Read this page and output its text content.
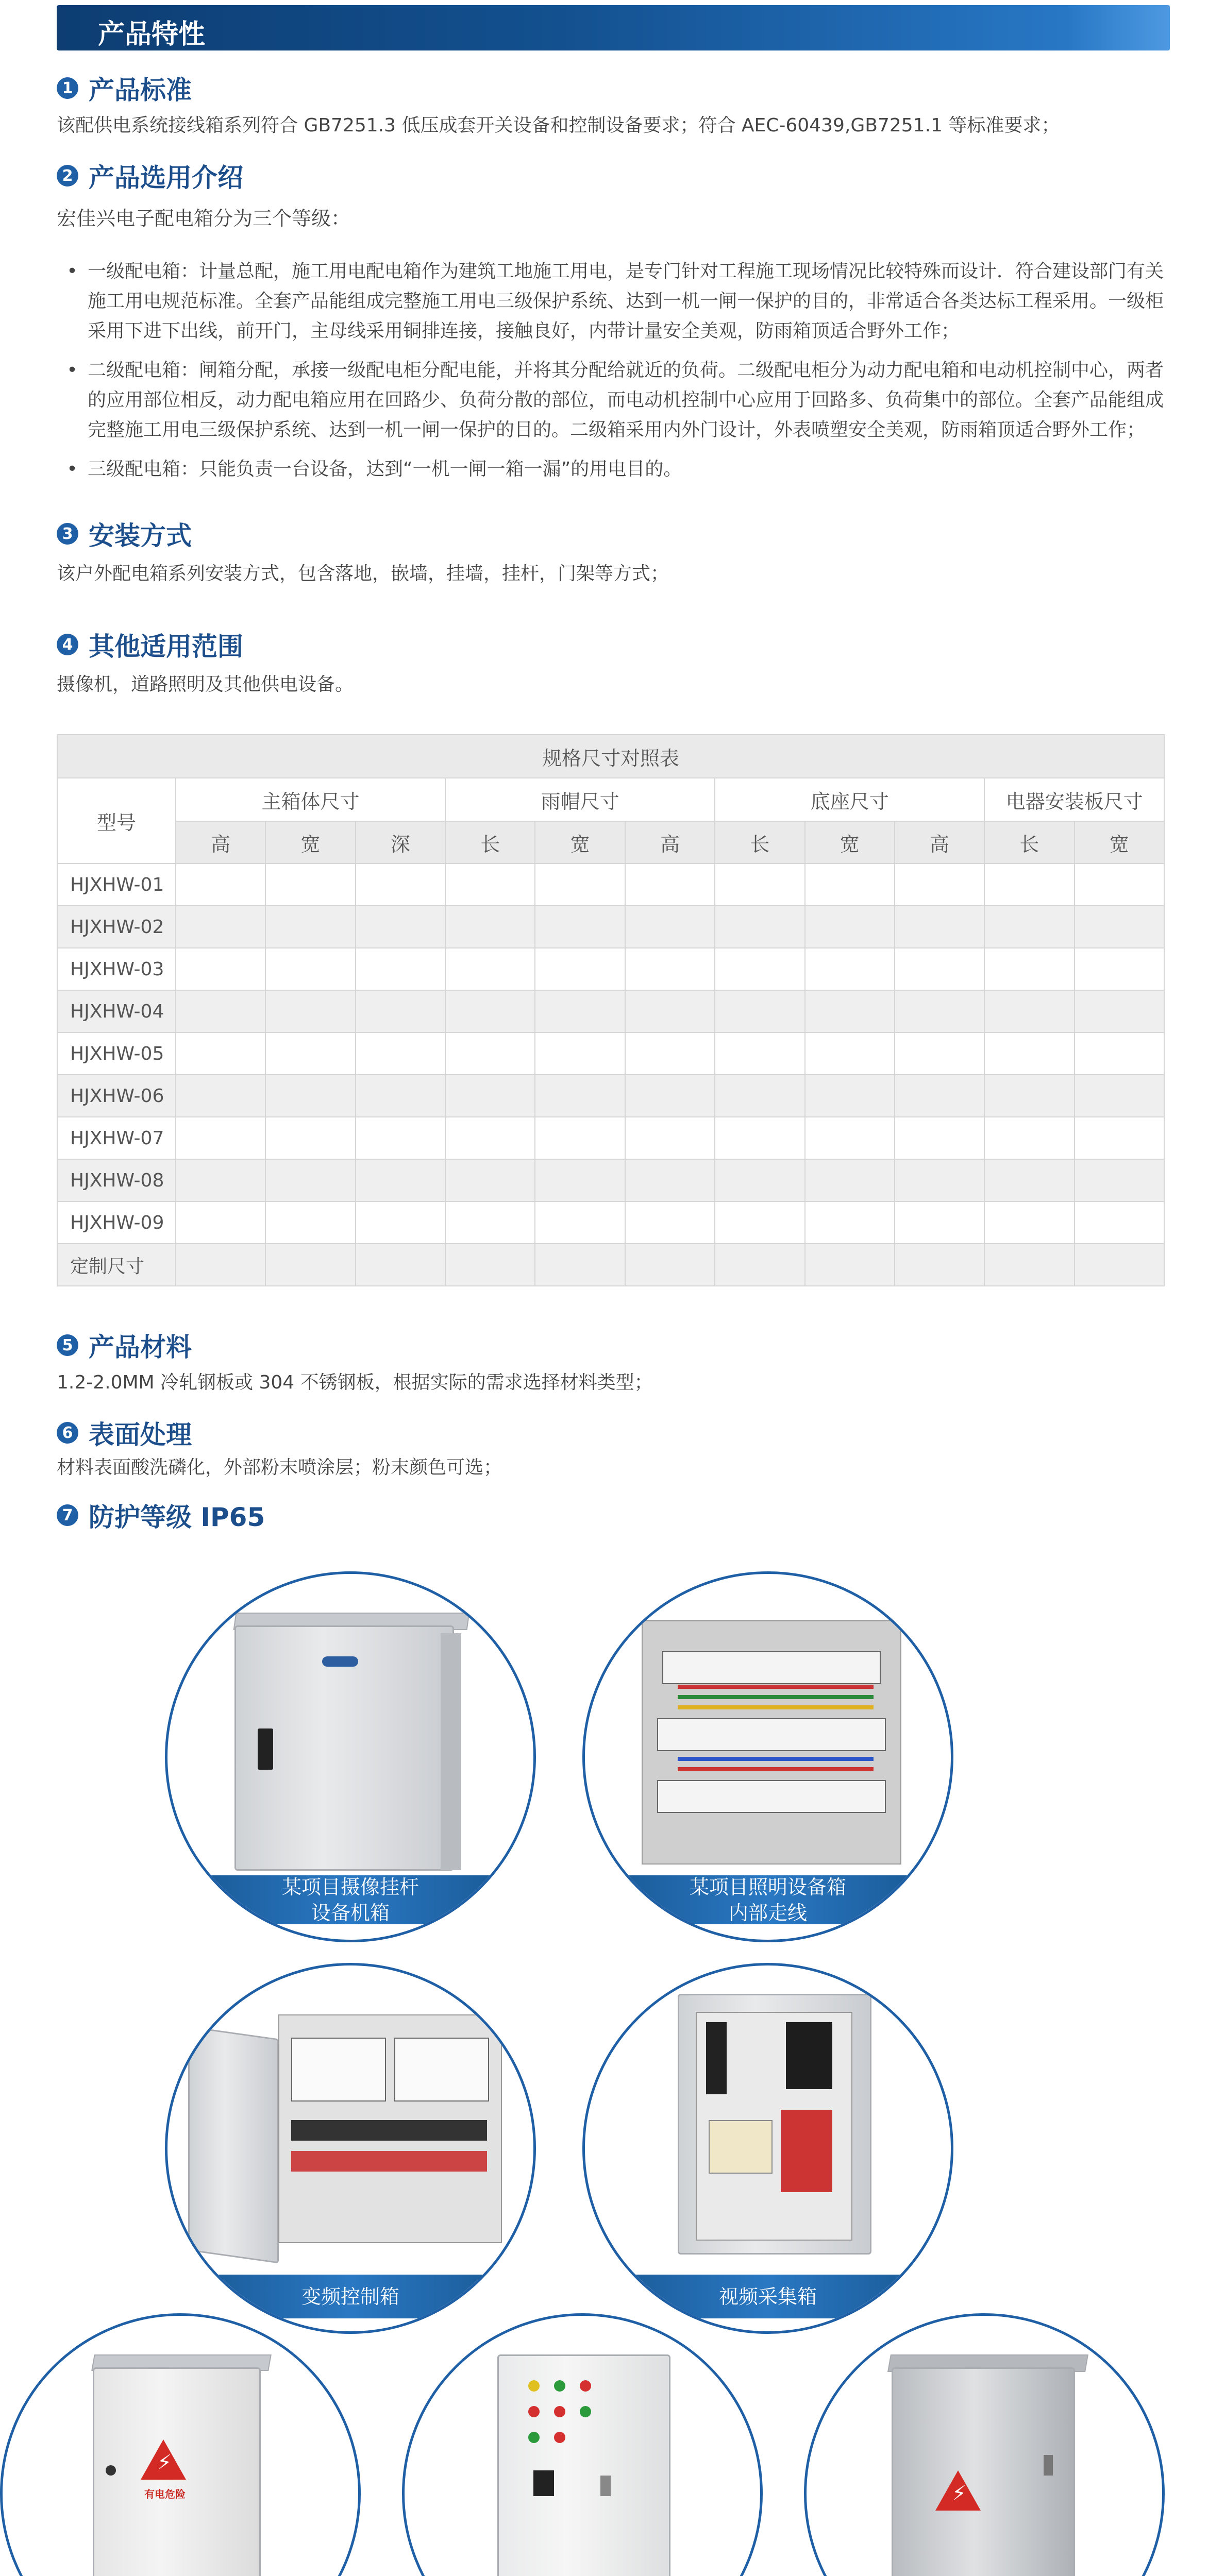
产品特性
1 产品标准
该配供电系统接线箱系列符合 GB7251.3 低压成套开关设备和控制设备要求；符合 AEC-60439,GB7251.1 等标准要求；
2 产品选用介绍
宏佳兴电子配电箱分为三个等级：
• 一级配电箱：计量总配，施工用电配电箱作为建筑工地施工用电，是专门针对工程施工现场情况比较特殊而设计．符合建设部门有关施工用电规范标准。全套产品能组成完整施工用电三级保护系统、达到一机一闸一保护的目的，非常适合各类达标工程采用。一级柜采用下进下出线，前开门，主母线采用铜排连接，接触良好，内带计量安全美观，防雨箱顶适合野外工作；
• 二级配电箱：闸箱分配，承接一级配电柜分配电能，并将其分配给就近的负荷。二级配电柜分为动力配电箱和电动机控制中心，两者的应用部位相反，动力配电箱应用在回路少、负荷分散的部位，而电动机控制中心应用于回路多、负荷集中的部位。全套产品能组成完整施工用电三级保护系统、达到一机一闸一保护的目的。二级箱采用内外门设计，外表喷塑安全美观，防雨箱顶适合野外工作；
• 三级配电箱：只能负责一台设备，达到“一机一闸一箱一漏”的用电目的。
3 安装方式
该户外配电箱系列安装方式，包含落地，嵌墙，挂墙，挂杆，门架等方式；
4 其他适用范围
摄像机，道路照明及其他供电设备。
规格尺寸对照表											
型号	主箱体尺寸			雨帽尺寸			底座尺寸			电器安装板尺寸	
	高	宽	深	长	宽	高	长	宽	高	长	宽
HJXHW-01											
HJXHW-02											
HJXHW-03											
HJXHW-04											
HJXHW-05											
HJXHW-06											
HJXHW-07											
HJXHW-08											
HJXHW-09											
定制尺寸											
5 产品材料
1.2-2.0MM 冷轧钢板或 304 不锈钢板，根据实际的需求选择材料类型；
6 表面处理
材料表面酸洗磷化，外部粉末喷涂层；粉末颜色可选；
7 防护等级 IP65
某项目摄像挂杆
设备机箱
某项目照明设备箱
内部走线
变频控制箱	视频采集箱
⚡
有电危险	⚡
